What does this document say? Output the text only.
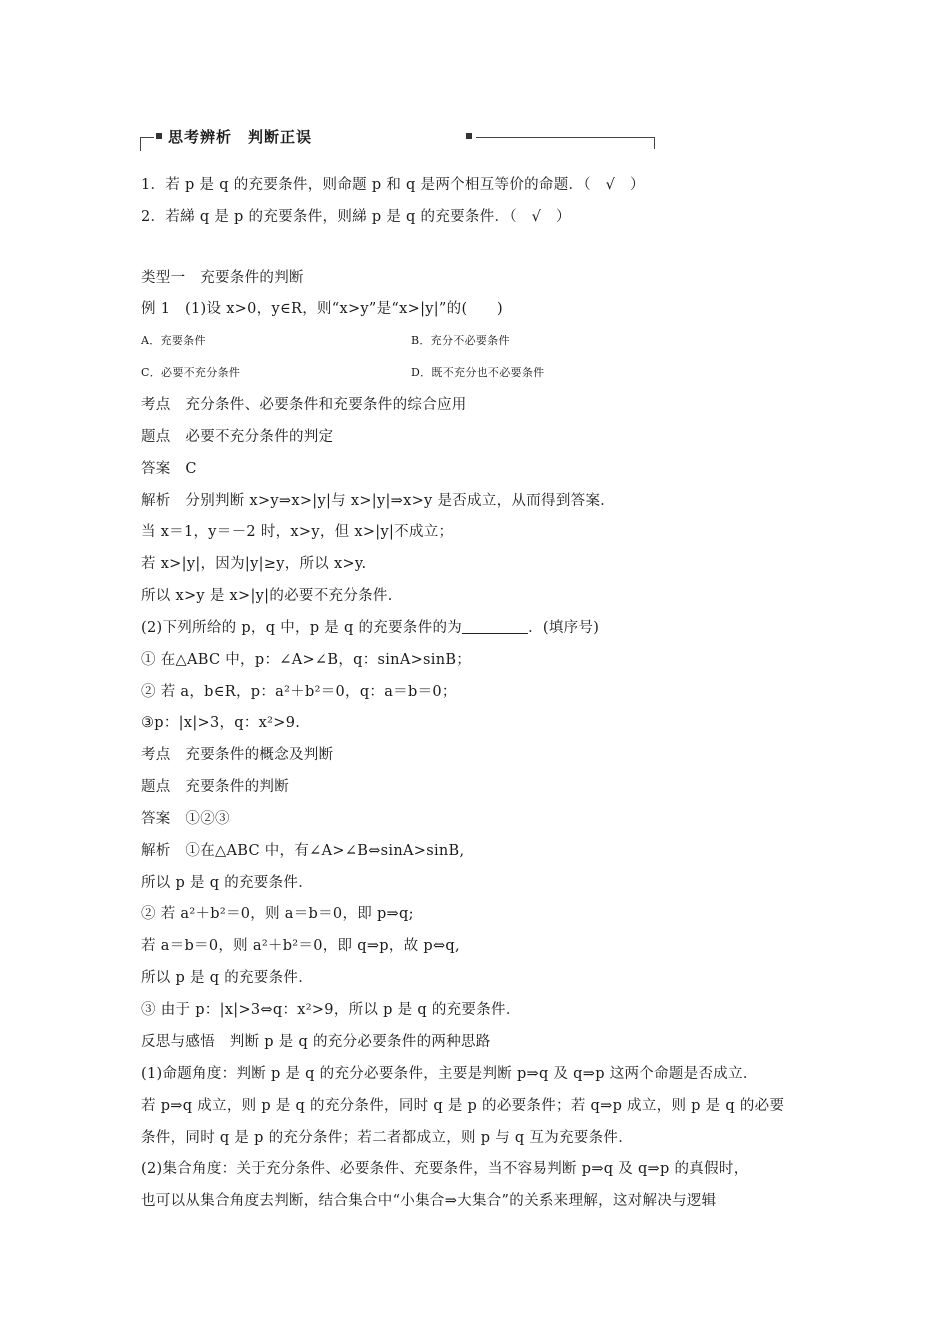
思考辨析　判断正误
1．若 p 是 q 的充要条件，则命题 p 和 q 是两个相互等价的命题．（　√　）
2．若綈 q 是 p 的充要条件，则綈 p 是 q 的充要条件．（　√　）
类型一　充要条件的判断
例 1　 (1)设 x>0，y∈R，则“x>y”是“x>|y|”的(　　)
A．充要条件	B．充分不必要条件
C．必要不充分条件	D．既不充分也不必要条件
考点　充分条件、必要条件和充要条件的综合应用
题点　必要不充分条件的判定
答案　C
解析　分别判断 x>y⇒x>|y|与 x>|y|⇒x>y 是否成立，从而得到答案．
当 x＝1，y＝－2 时，x>y，但 x>|y|不成立；
若 x>|y|，因为|y|≥y，所以 x>y.
所以 x>y 是 x>|y|的必要不充分条件．
(2)下列所给的 p，q 中，p 是 q 的充要条件的为	．(填序号)
① 在△ABC 中，p：∠A>∠B，q：sinA>sinB；
② 若 a，b∈R，p：a²＋b²＝0，q：a＝b＝0；
③p：|x|>3，q：x²>9.
考点　充要条件的概念及判断
题点　充要条件的判断
答案　①②③
解析　①在△ABC 中，有∠A>∠B⇔sinA>sinB,
所以 p 是 q 的充要条件．
② 若 a²＋b²＝0，则 a＝b＝0，即 p⇒q;
若 a＝b＝0，则 a²＋b²＝0，即 q⇒p，故 p⇔q,
所以 p 是 q 的充要条件．
③ 由于 p：|x|>3⇔q：x²>9，所以 p 是 q 的充要条件．
反思与感悟　判断 p 是 q 的充分必要条件的两种思路
(1)命题角度：判断 p 是 q 的充分必要条件，主要是判断 p⇒q 及 q⇒p 这两个命题是否成立．
若 p⇒q 成立，则 p 是 q 的充分条件，同时 q 是 p 的必要条件；若 q⇒p 成立，则 p 是 q 的必要
条件，同时 q 是 p 的充分条件；若二者都成立，则 p 与 q 互为充要条件．
(2)集合角度：关于充分条件、必要条件、充要条件，当不容易判断 p⇒q 及 q⇒p 的真假时，
也可以从集合角度去判断，结合集合中“小集合⇒大集合”的关系来理解，这对解决与逻辑
